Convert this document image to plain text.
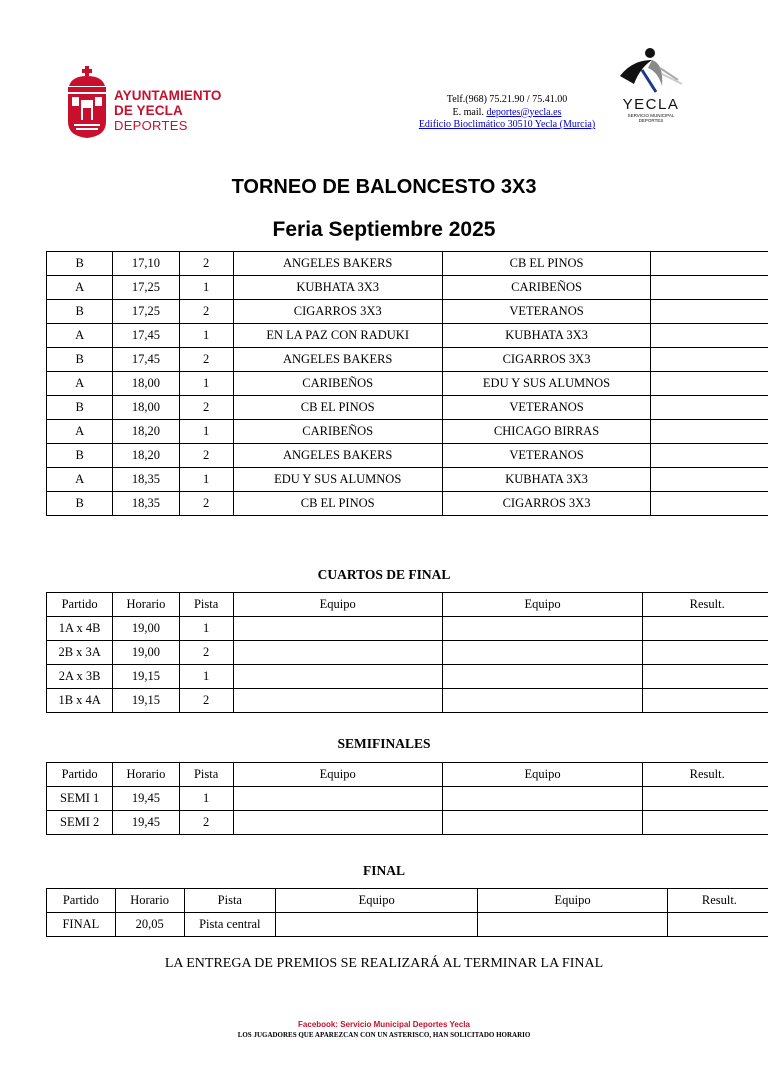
AYUNTAMIENTO
DE YECLA
DEPORTES
Telf.(968) 75.21.90 / 75.41.00
E. mail. deportes@yecla.es
Edificio Bioclimático 30510 Yecla (Murcia)
YECLA
SERVICIO MUNICIPAL
DEPORTES
TORNEO DE BALONCESTO 3X3
Feria Septiembre 2025
B	17,10	2	ANGELES BAKERS	CB EL PINOS	
A	17,25	1	KUBHATA 3X3	CARIBEÑOS	
B	17,25	2	CIGARROS 3X3	VETERANOS	
A	17,45	1	EN LA PAZ CON RADUKI	KUBHATA 3X3	
B	17,45	2	ANGELES BAKERS	CIGARROS 3X3	
A	18,00	1	CARIBEÑOS	EDU Y SUS ALUMNOS	
B	18,00	2	CB EL PINOS	VETERANOS	
A	18,20	1	CARIBEÑOS	CHICAGO BIRRAS	
B	18,20	2	ANGELES BAKERS	VETERANOS	
A	18,35	1	EDU Y SUS ALUMNOS	KUBHATA 3X3	
B	18,35	2	CB EL PINOS	CIGARROS 3X3	
CUARTOS DE FINAL
Partido	Horario	Pista	Equipo	Equipo	Result.
1A x 4B	19,00	1			
2B x 3A	19,00	2			
2A x 3B	19,15	1			
1B x 4A	19,15	2			
SEMIFINALES
Partido	Horario	Pista	Equipo	Equipo	Result.
SEMI 1	19,45	1			
SEMI 2	19,45	2			
FINAL
Partido	Horario	Pista	Equipo	Equipo	Result.
FINAL	20,05	Pista central			
LA ENTREGA DE PREMIOS SE REALIZARÁ AL TERMINAR LA FINAL
Facebook: Servicio Municipal Deportes Yecla
LOS JUGADORES QUE APAREZCAN CON UN ASTERISCO, HAN SOLICITADO HORARIO
